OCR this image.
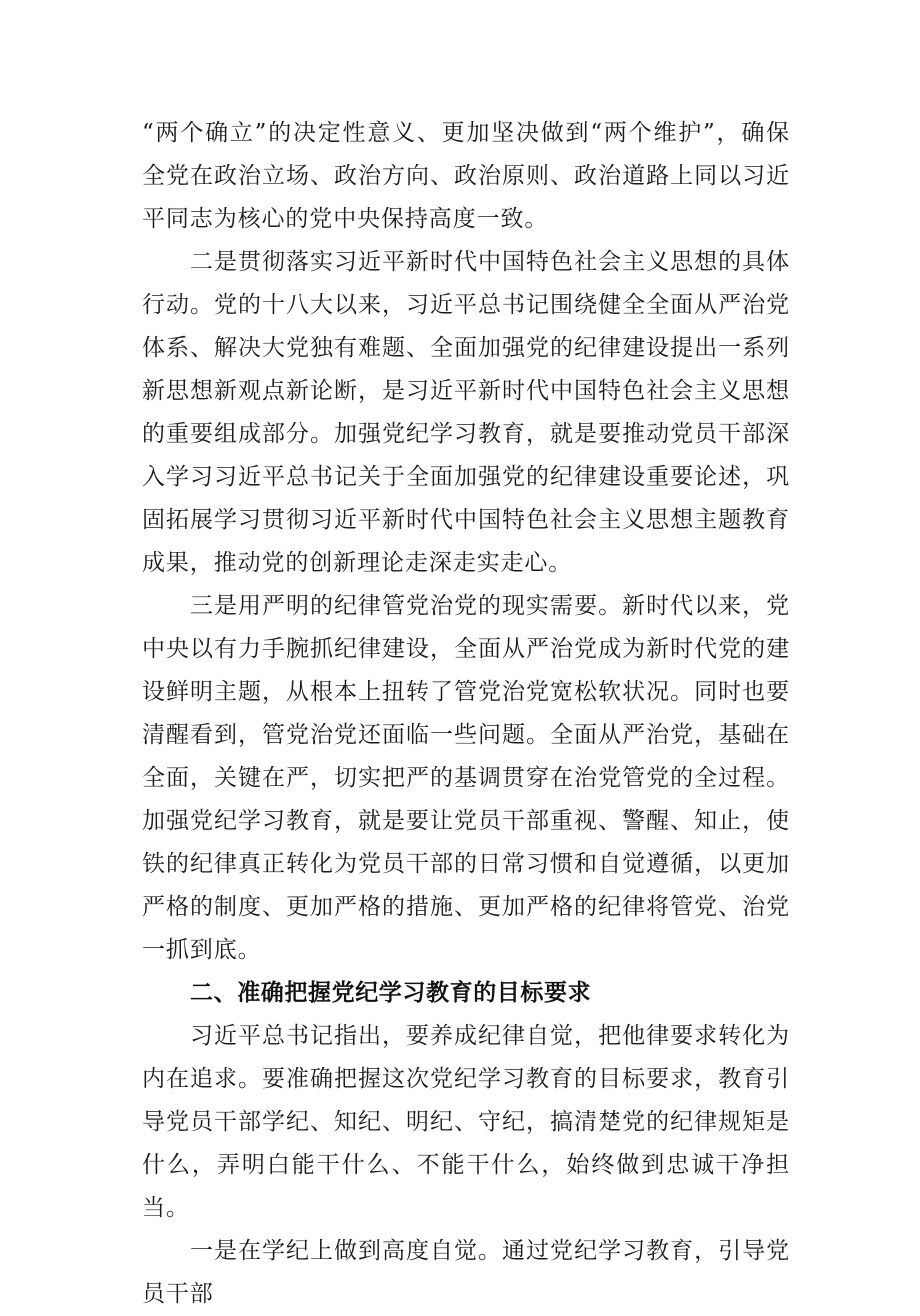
“两个确立”的决定性意义、更加坚决做到“两个维护”，确保全党在政治立场、政治方向、政治原则、政治道路上同以习近平同志为核心的党中央保持高度一致。

二是贯彻落实习近平新时代中国特色社会主义思想的具体行动。党的十八大以来，习近平总书记围绕健全全面从严治党体系、解决大党独有难题、全面加强党的纪律建设提出一系列新思想新观点新论断，是习近平新时代中国特色社会主义思想的重要组成部分。加强党纪学习教育，就是要推动党员干部深入学习习近平总书记关于全面加强党的纪律建设重要论述，巩固拓展学习贯彻习近平新时代中国特色社会主义思想主题教育成果，推动党的创新理论走深走实走心。

三是用严明的纪律管党治党的现实需要。新时代以来，党中央以有力手腕抓纪律建设，全面从严治党成为新时代党的建设鲜明主题，从根本上扭转了管党治党宽松软状况。同时也要清醒看到，管党治党还面临一些问题。全面从严治党，基础在全面，关键在严，切实把严的基调贯穿在治党管党的全过程。加强党纪学习教育，就是要让党员干部重视、警醒、知止，使铁的纪律真正转化为党员干部的日常习惯和自觉遵循，以更加严格的制度、更加严格的措施、更加严格的纪律将管党、治党一抓到底。

二、准确把握党纪学习教育的目标要求

习近平总书记指出，要养成纪律自觉，把他律要求转化为内在追求。要准确把握这次党纪学习教育的目标要求，教育引导党员干部学纪、知纪、明纪、守纪，搞清楚党的纪律规矩是什么，弄明白能干什么、不能干什么，始终做到忠诚干净担当。

一是在学纪上做到高度自觉。通过党纪学习教育，引导党员干部
